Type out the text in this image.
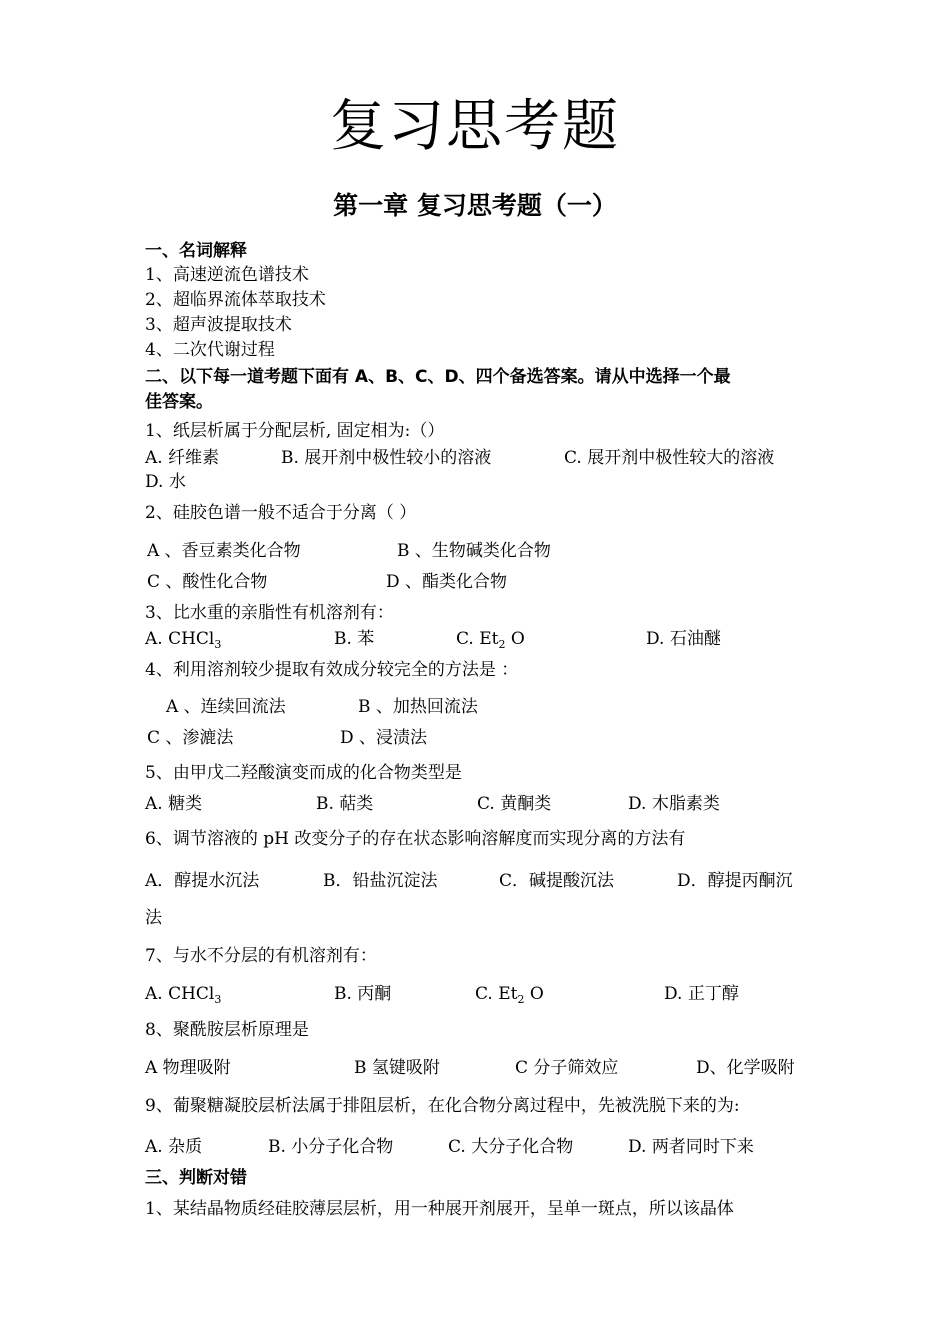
复习思考题
第一章 复习思考题（一）
一、名词解释
1、高速逆流色谱技术
2、超临界流体萃取技术
3、超声波提取技术
4、二次代谢过程
二、以下每一道考题下面有 A、B、C、D、四个备选答案。请从中选择一个最
佳答案。
1、纸层析属于分配层析, 固定相为:（）
A. 纤维素	B. 展开剂中极性较小的溶液	C. 展开剂中极性较大的溶液
D. 水
2、硅胶色谱一般不适合于分离（ ）
A 、香豆素类化合物	B 、生物碱类化合物
C 、酸性化合物	D 、酯类化合物
3、比水重的亲脂性有机溶剂有：
A. CHCl$_3$	B. 苯	C. $Et_2$ O	D. 石油醚
4、利用溶剂较少提取有效成分较完全的方法是 ：
A 、连续回流法	B 、加热回流法
C 、渗漉法	D 、浸渍法
5、由甲戊二羟酸演变而成的化合物类型是
A. 糖类	B. 萜类	C. 黄酮类	D. 木脂素类
6、调节溶液的 pH 改变分子的存在状态影响溶解度而实现分离的方法有
A．醇提水沉法	B．铅盐沉淀法	C．碱提酸沉法	D．醇提丙酮沉
法
7、与水不分层的有机溶剂有：
A. CHCl$_3$	B. 丙酮	C. $Et_2$ O	D. 正丁醇
8、聚酰胺层析原理是
A 物理吸附	B 氢键吸附	C 分子筛效应	D、化学吸附
9、葡聚糖凝胶层析法属于排阻层析，在化合物分离过程中，先被洗脱下来的为:
A. 杂质	B. 小分子化合物	C. 大分子化合物	D. 两者同时下来
三、判断对错
1、某结晶物质经硅胶薄层层析，用一种展开剂展开，呈单一斑点，所以该晶体
